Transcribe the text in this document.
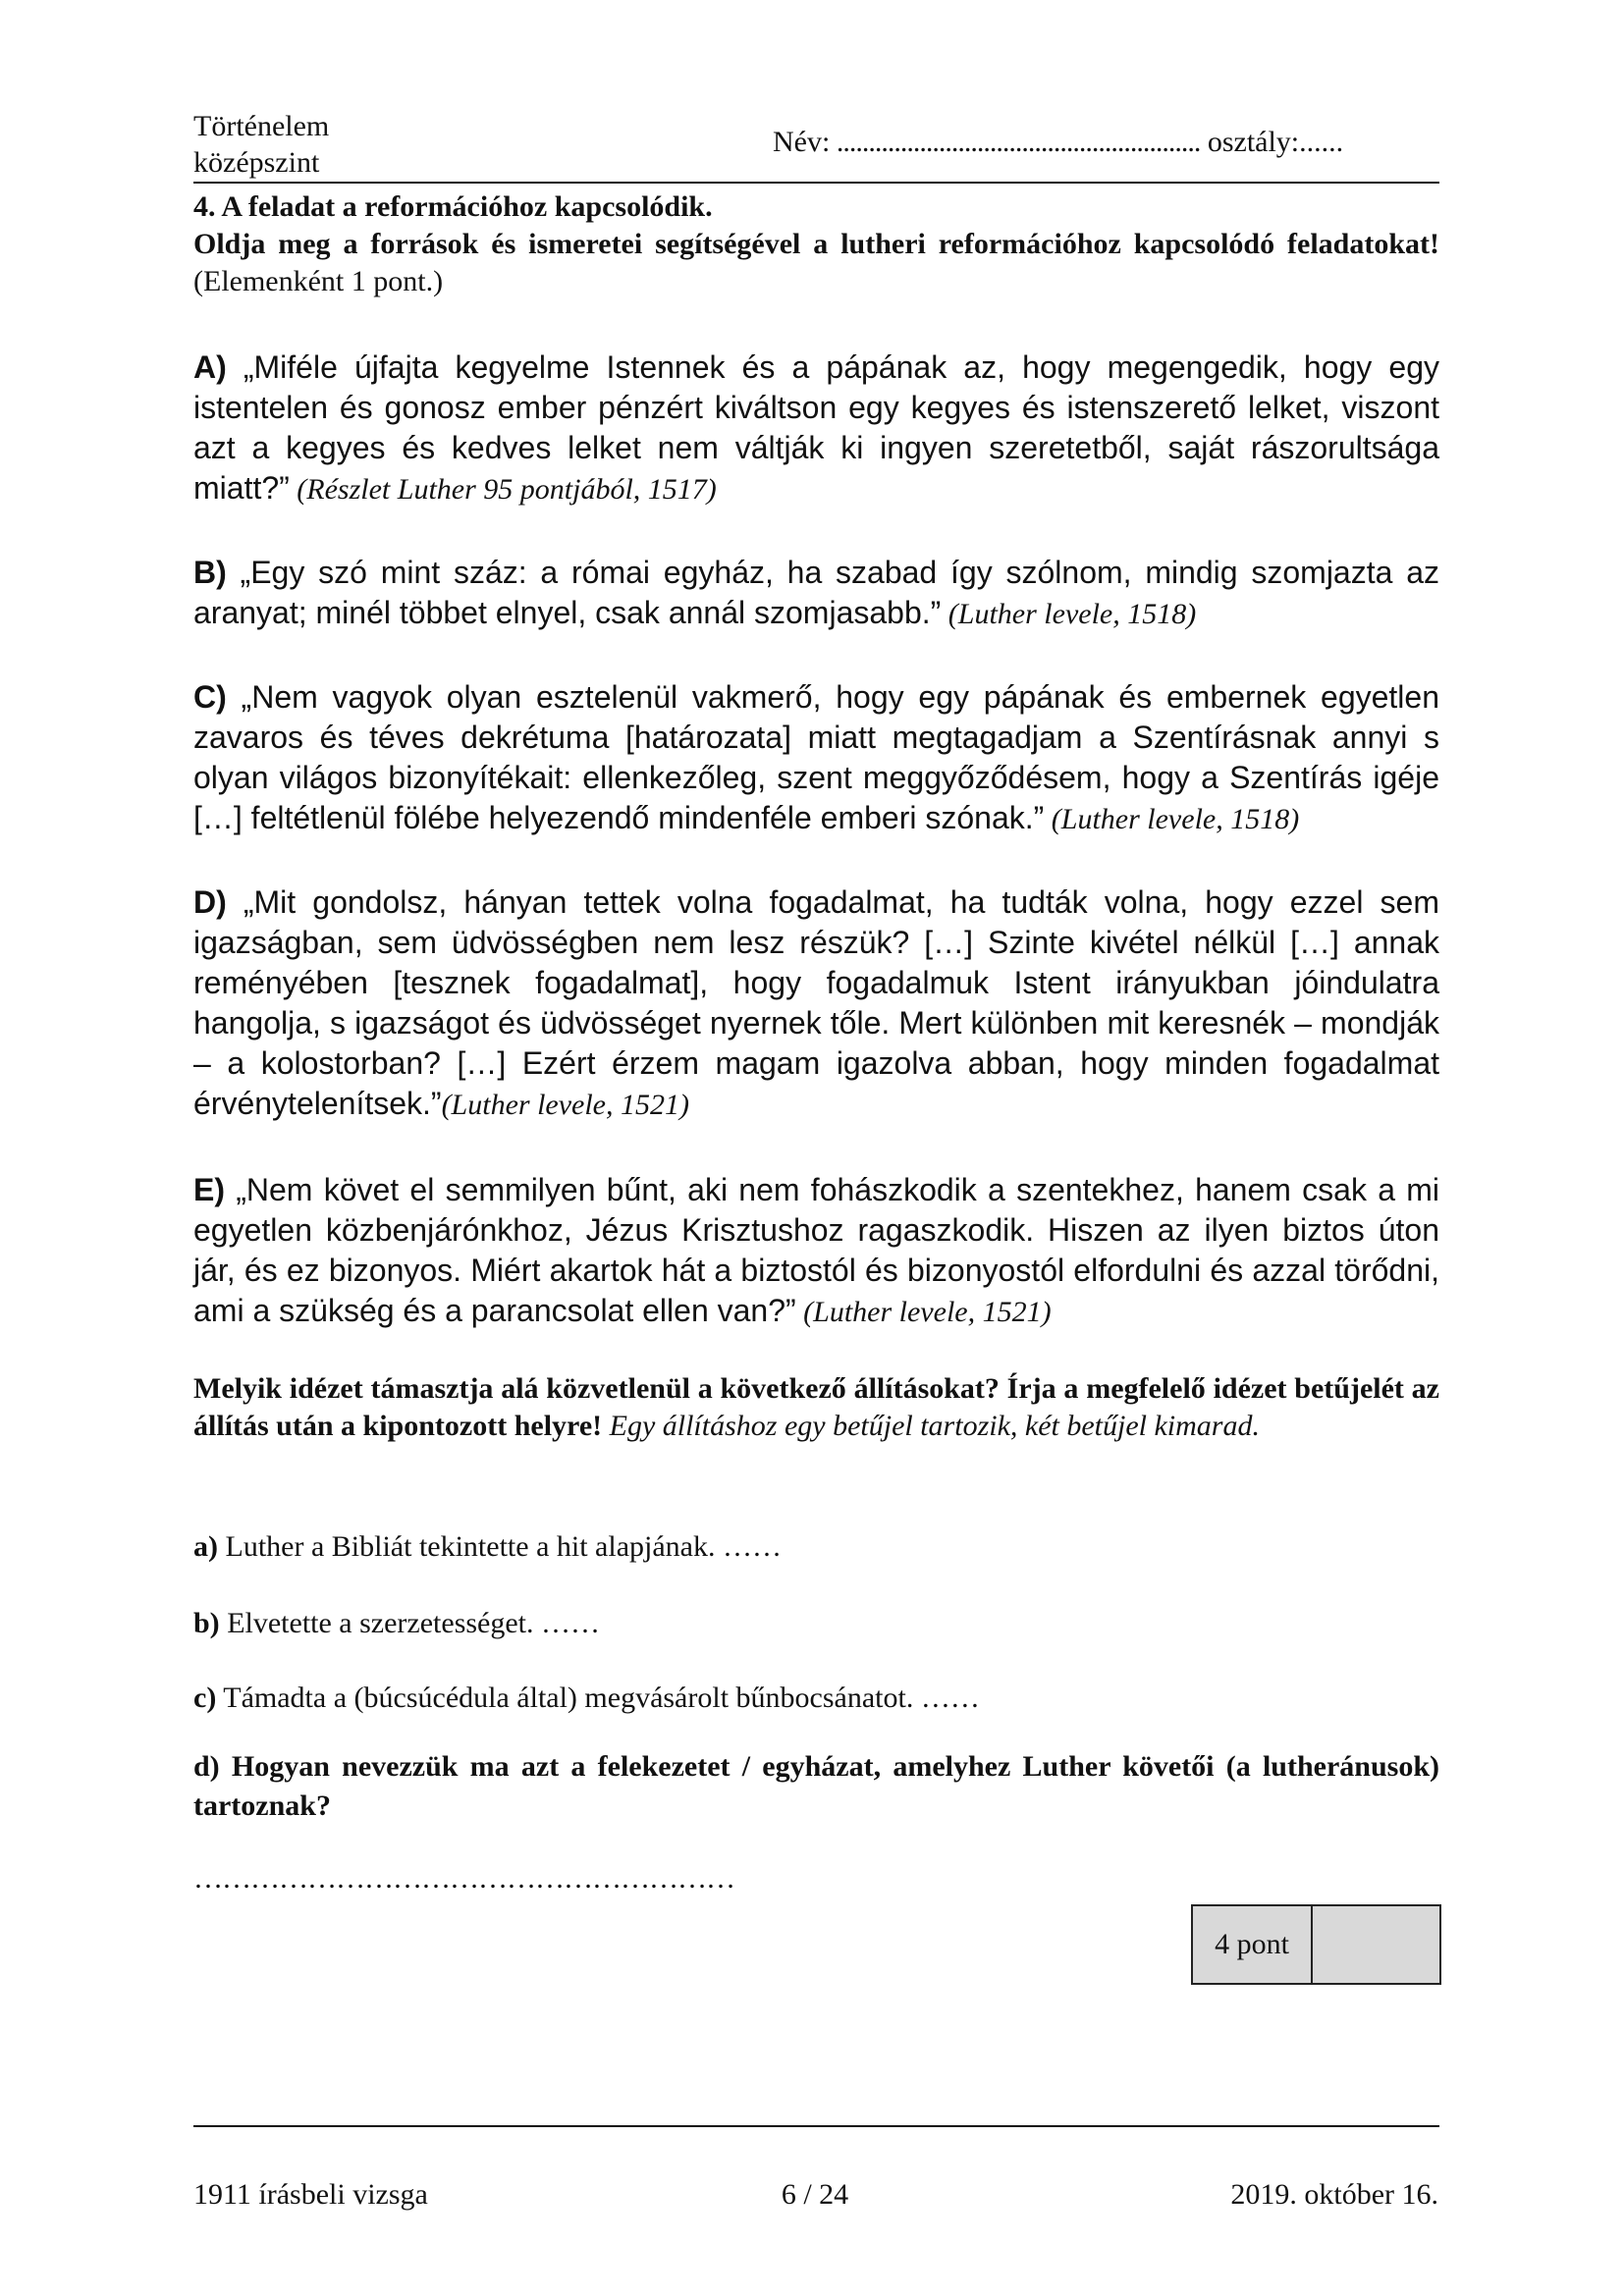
Történelem
középszint
Név: ......................................................... osztály:......
4. A feladat a reformációhoz kapcsolódik.
Oldja meg a források és ismeretei segítségével a lutheri reformációhoz kapcsolódó feladatokat! (Elemenként 1 pont.)
A) „Miféle újfajta kegyelme Istennek és a pápának az, hogy megengedik, hogy egy istentelen és gonosz ember pénzért kiváltson egy kegyes és istenszerető lelket, viszont azt a kegyes és kedves lelket nem váltják ki ingyen szeretetből, saját rászorultsága miatt?” (Részlet Luther 95 pontjából, 1517)
B) „Egy szó mint száz: a római egyház, ha szabad így szólnom, mindig szomjazta az aranyat; minél többet elnyel, csak annál szomjasabb.” (Luther levele, 1518)
C) „Nem vagyok olyan esztelenül vakmerő, hogy egy pápának és embernek egyetlen zavaros és téves dekrétuma [határozata] miatt megtagadjam a Szentírásnak annyi s olyan világos bizonyítékait: ellenkezőleg, szent meggyőződésem, hogy a Szentírás igéje […] feltétlenül fölébe helyezendő mindenféle emberi szónak.” (Luther levele, 1518)
D) „Mit gondolsz, hányan tettek volna fogadalmat, ha tudták volna, hogy ezzel sem igazságban, sem üdvösségben nem lesz részük? […] Szinte kivétel nélkül […] annak reményében [tesznek fogadalmat], hogy fogadalmuk Istent irányukban jóindulatra hangolja, s igazságot és üdvösséget nyernek tőle. Mert különben mit keresnék – mondják – a kolostorban? […] Ezért érzem magam igazolva abban, hogy minden fogadalmat érvénytelenítsek.”(Luther levele, 1521)
E) „Nem követ el semmilyen bűnt, aki nem fohászkodik a szentekhez, hanem csak a mi egyetlen közbenjárónkhoz, Jézus Krisztushoz ragaszkodik. Hiszen az ilyen biztos úton jár, és ez bizonyos. Miért akartok hát a biztostól és bizonyostól elfordulni és azzal törődni, ami a szükség és a parancsolat ellen van?” (Luther levele, 1521)
Melyik idézet támasztja alá közvetlenül a következő állításokat? Írja a megfelelő idézet betűjelét az állítás után a kipontozott helyre! Egy állításhoz egy betűjel tartozik, két betűjel kimarad.
a) Luther a Bibliát tekintette a hit alapjának. ……
b) Elvetette a szerzetességet. ……
c) Támadta a (búcsúcédula által) megvásárolt bűnbocsánatot. ……
d) Hogyan nevezzük ma azt a felekezetet / egyházat, amelyhez Luther követői (a lutheránusok) tartoznak?
…………………………………………………
4 pont
1911 írásbeli vizsga	6 / 24	2019. október 16.
